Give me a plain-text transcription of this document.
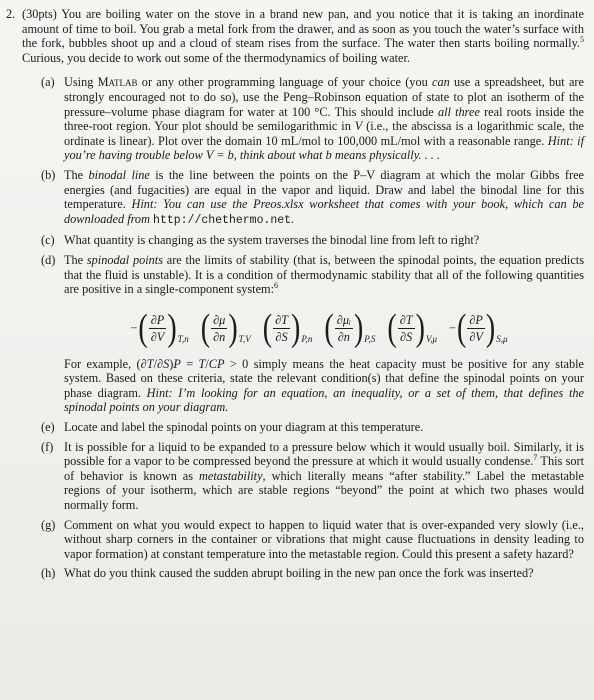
2. (30pts) You are boiling water on the stove in a brand new pan, and you notice that it is taking an inordinate amount of time to boil. You grab a metal fork from the drawer, and as soon as you touch the water’s surface with the fork, bubbles shoot up and a cloud of steam rises from the surface. The water then starts boiling normally.$^5$ Curious, you decide to work out some of the thermodynamics of boiling water.
(a) Using Matlab or any other programming language of your choice (you can use a spreadsheet, but are strongly encouraged not to do so), use the Peng–Robinson equation of state to plot an isotherm of the pressure–volume phase diagram for water at 100 °C. This should include all three real roots inside the three-root region. Your plot should be semilogarithmic in V (i.e., the abscissa is a logarithmic scale, the ordinate is linear). Plot over the domain 10 mL/mol to 100,000 mL/mol with a reasonable range. Hint: if you’re having trouble below V = b, think about what b means physically. . . .
(b) The binodal line is the line between the points on the P–V diagram at which the molar Gibbs free energies (and fugacities) are equal in the vapor and liquid. Draw and label the binodal line for this temperature. Hint: You can use the Preos.xlsx worksheet that comes with your book, which can be downloaded from http://chethermo.net.
(c) What quantity is changing as the system traverses the binodal line from left to right?
(d) The spinodal points are the limits of stability (that is, between the spinodal points, the equation predicts that the fluid is unstable). It is a condition of thermodynamic stability that all of the following quantities are positive in a single-component system:$^6$
− ( $\frac{\partial P}{\partial V}$ ) T,n ( $\frac{\partial\mu}{\partial n}$ ) T,V ( $\frac{\partial T}{\partial S}$ ) P,n ( $\frac{\text{∂μᵢ}}{\partial n}$ ) P,S ( $\frac{\partial T}{\partial S}$ ) V,μ
− ( $\frac{\partial P}{\partial V}$ ) S,μ
For example, (∂T/∂S)P = T/CP > 0 simply means the heat capacity must be positive for any stable system. Based on these criteria, state the relevant condition(s) that define the spinodal points on your phase diagram. Hint: I’m looking for an equation, an inequality, or a set of them, that defines the spinodal points on your diagram.
(e) Locate and label the spinodal points on your diagram at this temperature.
(f) It is possible for a liquid to be expanded to a pressure below which it would usually boil. Similarly, it is possible for a vapor to be compressed beyond the pressure at which it would usually condense.$^7$ This sort of behavior is known as metastability, which literally means “after stability.” Label the metastable regions of your isotherm, which are stable regions “beyond” the point at which two phases would normally form.
(g) Comment on what you would expect to happen to liquid water that is over-expanded very slowly (i.e., without sharp corners in the container or vibrations that might cause fluctuations in density leading to vapor formation) at constant temperature into the metastable region. Could this present a safety hazard?
(h) What do you think caused the sudden abrupt boiling in the new pan once the fork was inserted?
